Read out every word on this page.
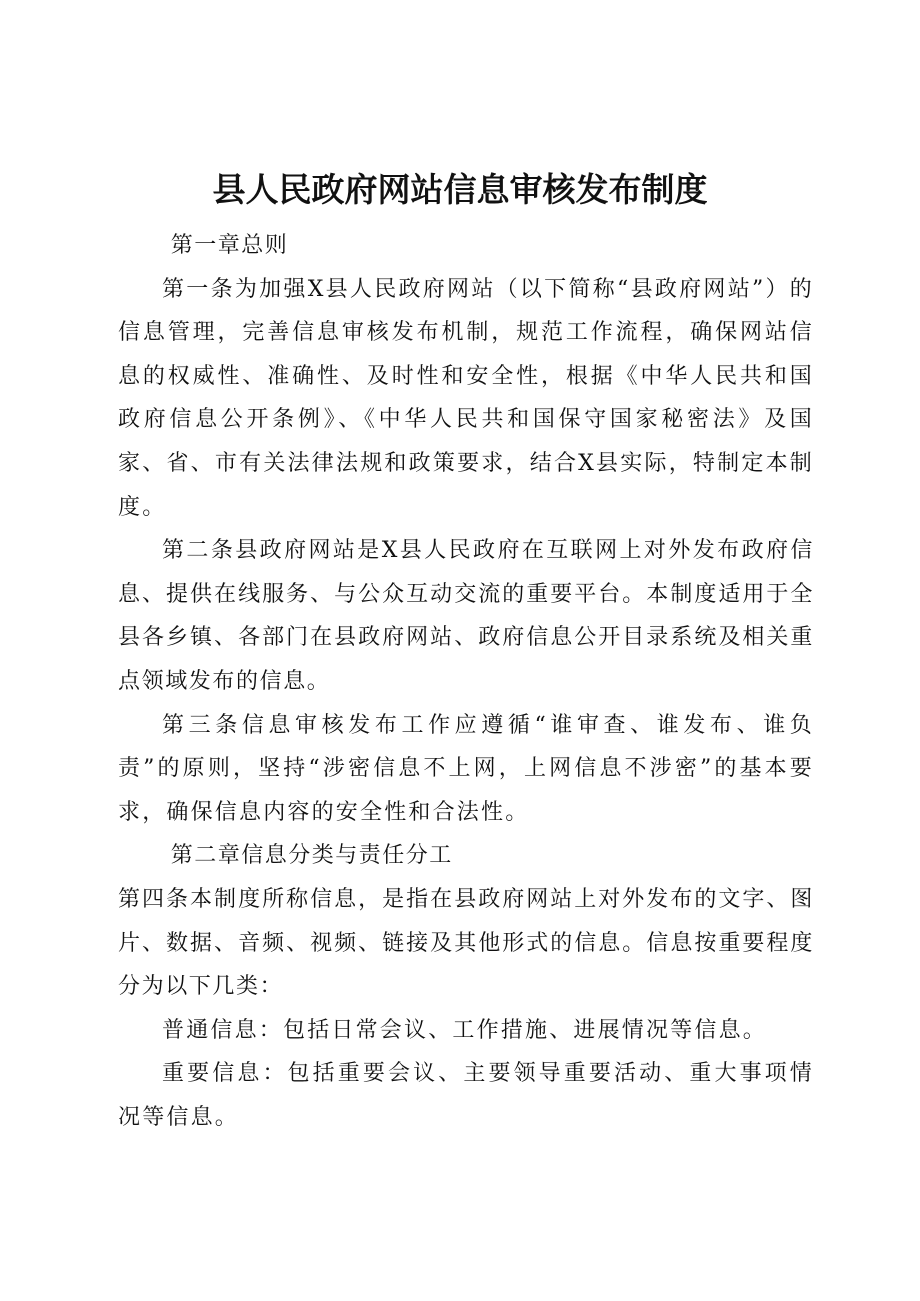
县人民政府网站信息审核发布制度

第一章总则

第一条为加强X县人民政府网站（以下简称“县政府网站”）的信息管理，完善信息审核发布机制，规范工作流程，确保网站信息的权威性、准确性、及时性和安全性，根据《中华人民共和国政府信息公开条例》、《中华人民共和国保守国家秘密法》及国家、省、市有关法律法规和政策要求，结合X县实际，特制定本制度。

第二条县政府网站是X县人民政府在互联网上对外发布政府信息、提供在线服务、与公众互动交流的重要平台。本制度适用于全县各乡镇、各部门在县政府网站、政府信息公开目录系统及相关重点领域发布的信息。

第三条信息审核发布工作应遵循“谁审查、谁发布、谁负责”的原则，坚持“涉密信息不上网，上网信息不涉密”的基本要求，确保信息内容的安全性和合法性。

第二章信息分类与责任分工

第四条本制度所称信息，是指在县政府网站上对外发布的文字、图片、数据、音频、视频、链接及其他形式的信息。信息按重要程度分为以下几类：

普通信息：包括日常会议、工作措施、进展情况等信息。

重要信息：包括重要会议、主要领导重要活动、重大事项情况等信息。
